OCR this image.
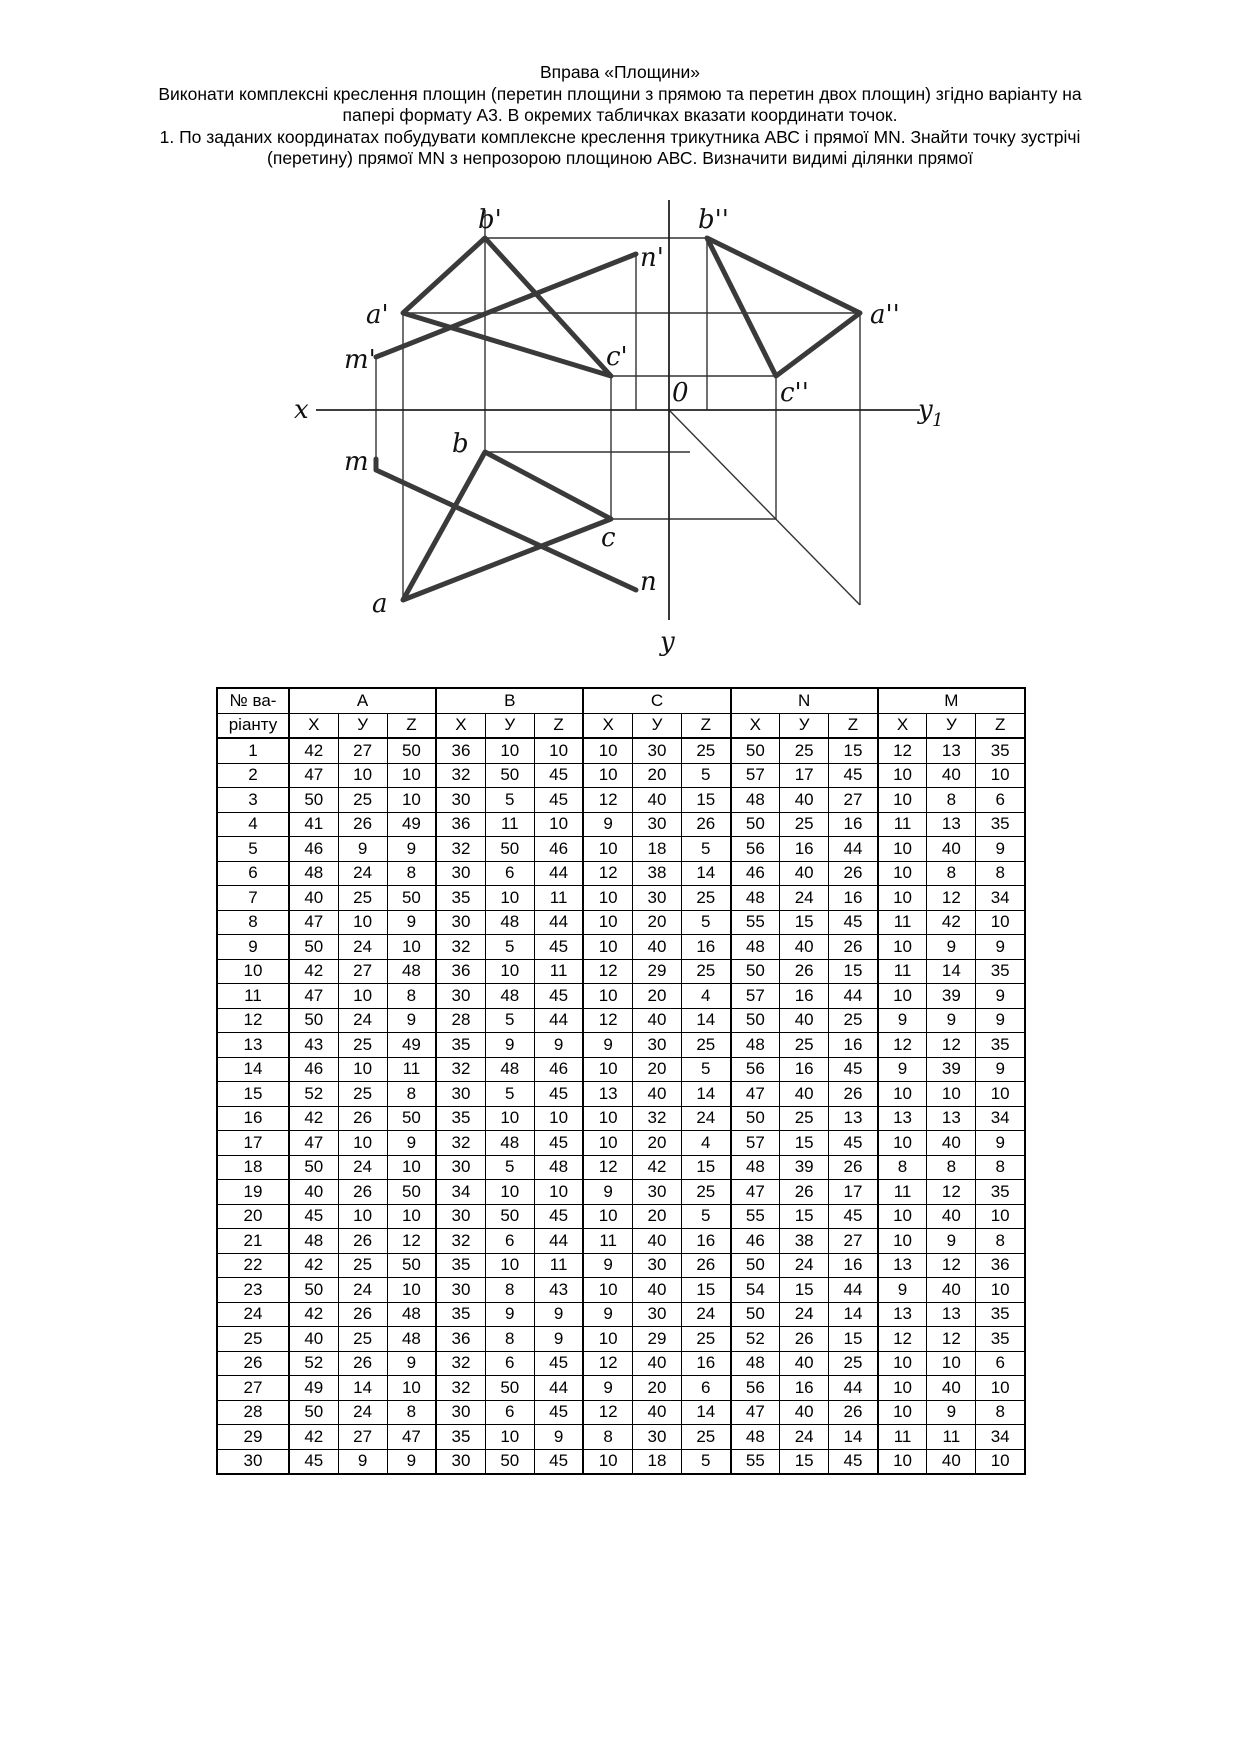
Вправа «Площини»
Виконати комплексні креслення площин (перетин площини з прямою та перетин двох площин) згідно варіанту на
папері формату А3. В окремих табличках вказати координати точок.
1. По заданих координатах побудувати комплексне креслення трикутника АВС і прямої MN. Знайти точку зустрічі
(перетину) прямої MN з непрозорою площиною АВС. Визначити видимі ділянки прямої
b'	b''
n'
a'	a''
m'	c'
0	c''
x	y 1
b
m
c
n
a
y
№ ва-	A			B			C			N			M		
ріанту	X	У	Z	X	У	Z	X	У	Z	X	У	Z	X	У	Z
1	42	27	50	36	10	10	10	30	25	50	25	15	12	13	35
2	47	10	10	32	50	45	10	20	5	57	17	45	10	40	10
3	50	25	10	30	5	45	12	40	15	48	40	27	10	8	6
4	41	26	49	36	11	10	9	30	26	50	25	16	11	13	35
5	46	9	9	32	50	46	10	18	5	56	16	44	10	40	9
6	48	24	8	30	6	44	12	38	14	46	40	26	10	8	8
7	40	25	50	35	10	11	10	30	25	48	24	16	10	12	34
8	47	10	9	30	48	44	10	20	5	55	15	45	11	42	10
9	50	24	10	32	5	45	10	40	16	48	40	26	10	9	9
10	42	27	48	36	10	11	12	29	25	50	26	15	11	14	35
11	47	10	8	30	48	45	10	20	4	57	16	44	10	39	9
12	50	24	9	28	5	44	12	40	14	50	40	25	9	9	9
13	43	25	49	35	9	9	9	30	25	48	25	16	12	12	35
14	46	10	11	32	48	46	10	20	5	56	16	45	9	39	9
15	52	25	8	30	5	45	13	40	14	47	40	26	10	10	10
16	42	26	50	35	10	10	10	32	24	50	25	13	13	13	34
17	47	10	9	32	48	45	10	20	4	57	15	45	10	40	9
18	50	24	10	30	5	48	12	42	15	48	39	26	8	8	8
19	40	26	50	34	10	10	9	30	25	47	26	17	11	12	35
20	45	10	10	30	50	45	10	20	5	55	15	45	10	40	10
21	48	26	12	32	6	44	11	40	16	46	38	27	10	9	8
22	42	25	50	35	10	11	9	30	26	50	24	16	13	12	36
23	50	24	10	30	8	43	10	40	15	54	15	44	9	40	10
24	42	26	48	35	9	9	9	30	24	50	24	14	13	13	35
25	40	25	48	36	8	9	10	29	25	52	26	15	12	12	35
26	52	26	9	32	6	45	12	40	16	48	40	25	10	10	6
27	49	14	10	32	50	44	9	20	6	56	16	44	10	40	10
28	50	24	8	30	6	45	12	40	14	47	40	26	10	9	8
29	42	27	47	35	10	9	8	30	25	48	24	14	11	11	34
30	45	9	9	30	50	45	10	18	5	55	15	45	10	40	10
